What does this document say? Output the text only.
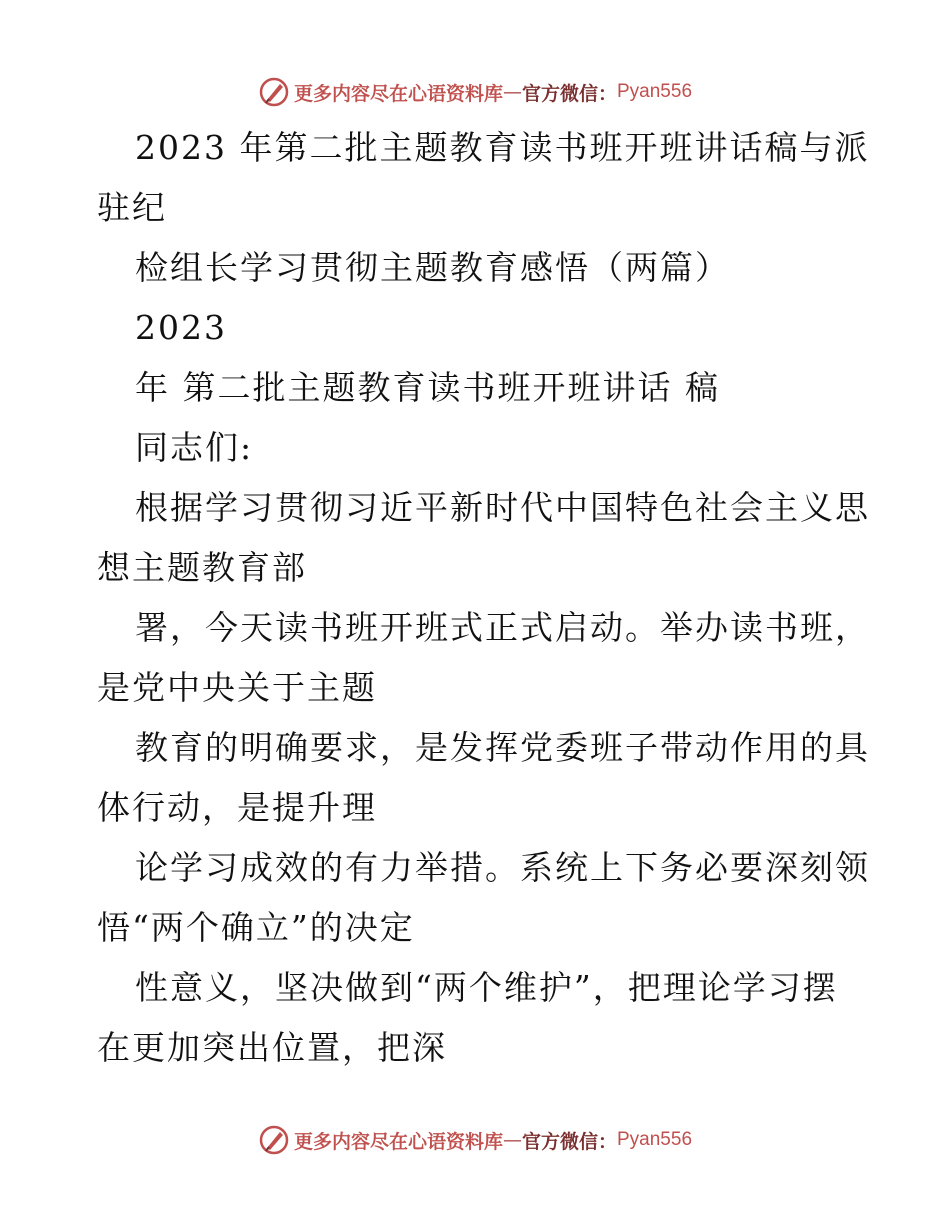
更多内容尽在心语资料库 — 官方微信： Pyan556
2023 年第二批主题教育读书班开班讲话稿与派
驻纪
检组长学习贯彻主题教育感悟（两篇）
2023
年 第二批主题教育读书班开班讲话 稿
同志们:
根据学习贯彻习近平新时代中国特色社会主义思
想主题教育部
署，今天读书班开班式正式启动。举办读书班，
是党中央关于主题
教育的明确要求，是发挥党委班子带动作用的具
体行动，是提升理
论学习成效的有力举措。系统上下务必要深刻领
悟“两个确立”的决定
性意义，坚决做到“两个维护”，把理论学习摆
在更加突出位置，把深
更多内容尽在心语资料库 — 官方微信： Pyan556
